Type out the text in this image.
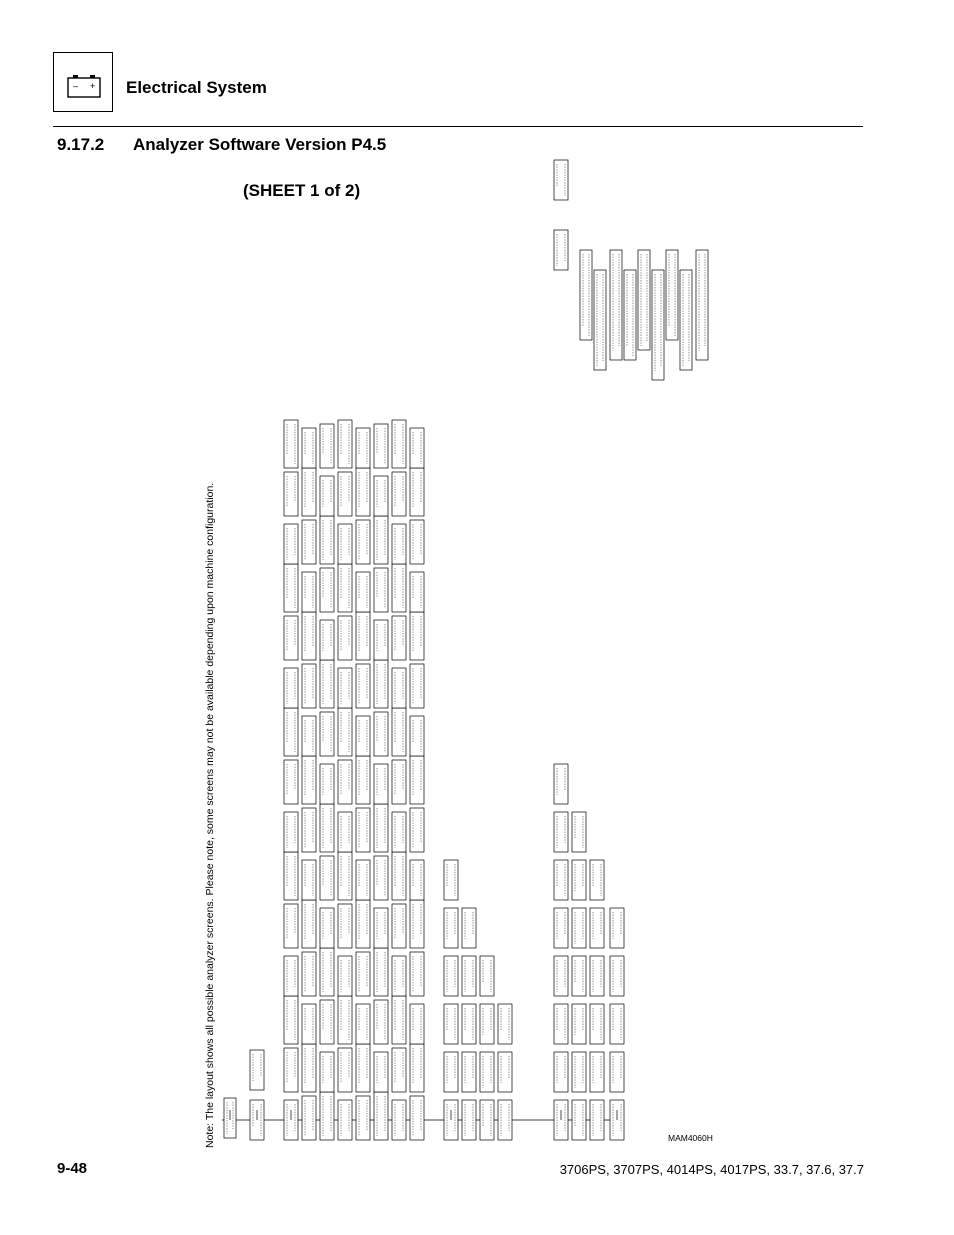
– + Electrical System
9.17.2 Analyzer Software Version P4.5
(SHEET 1 of 2)
Note: The layout shows all possible analyzer screens. Please note, some screens may not be available depending upon machine configuration.	MAM4060H
9-48	3706PS, 3707PS, 4014PS, 4017PS, 33.7, 37.6, 37.7
